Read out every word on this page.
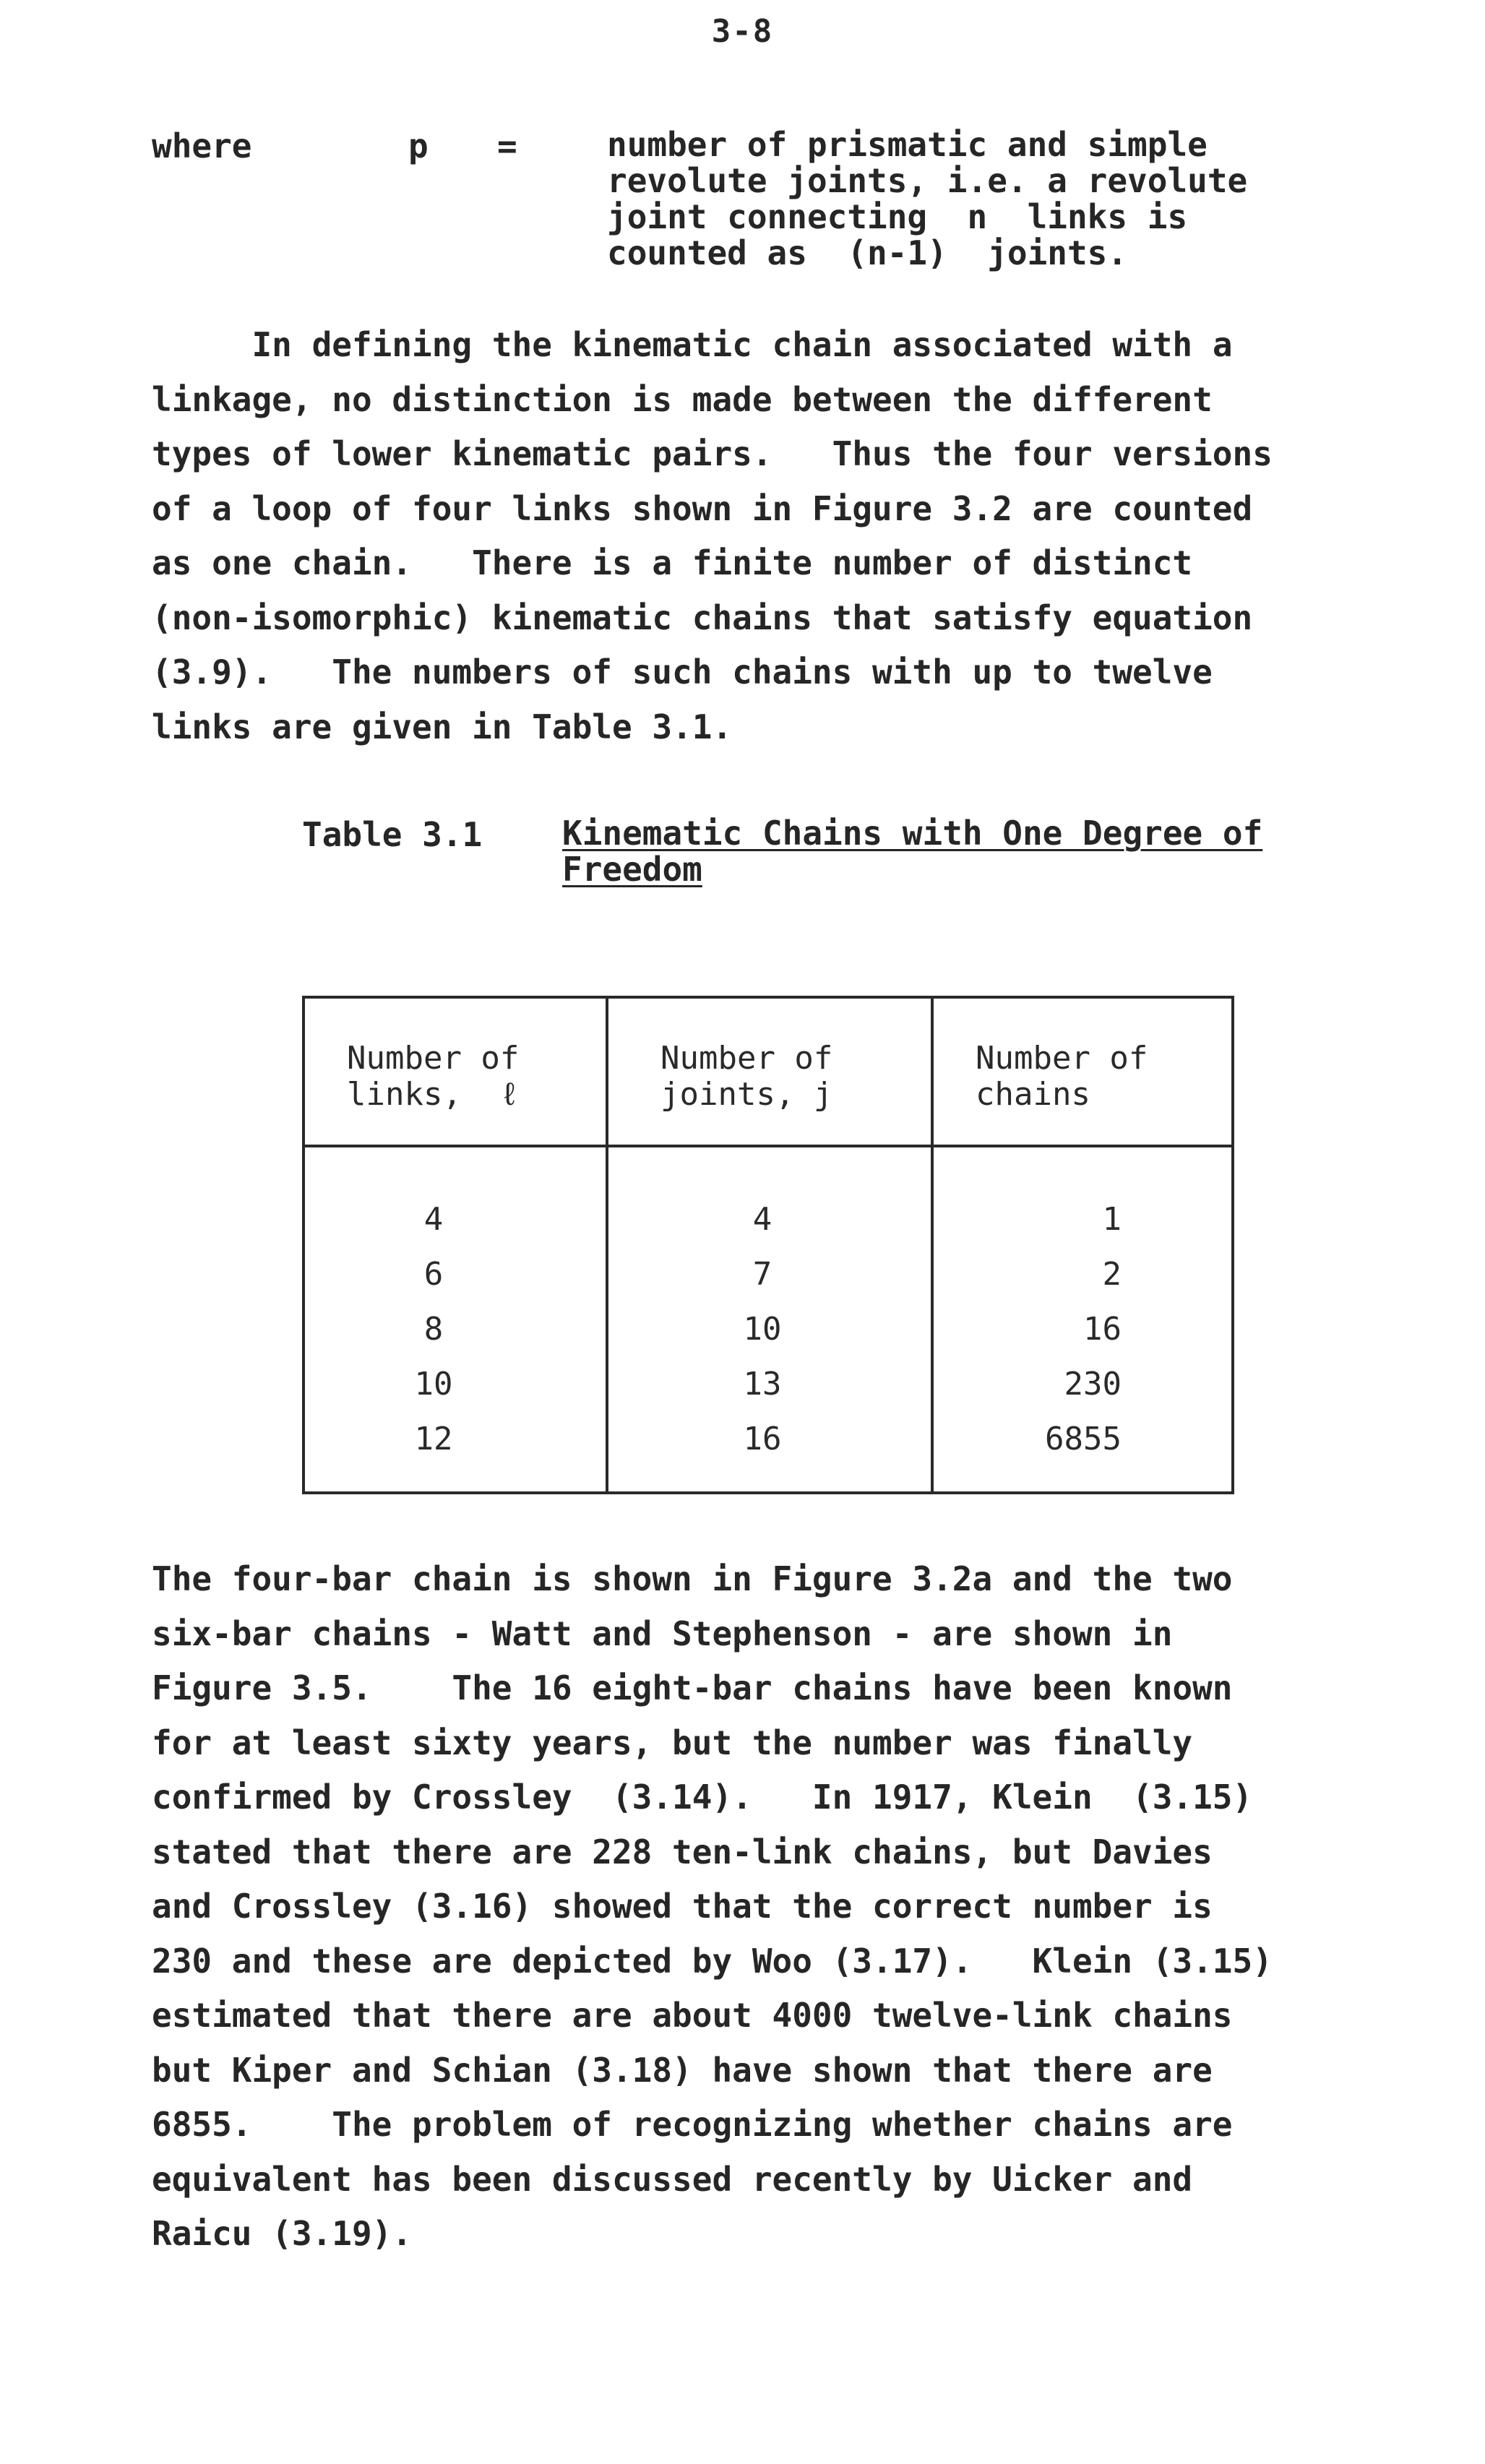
3-8
where	p =	number of prismatic and simple
revolute joints, i.e. a revolute
joint connecting  n  links is
counted as  (n-1)  joints.

In defining the kinematic chain associated with a
linkage, no distinction is made between the different
types of lower kinematic pairs.   Thus the four versions
of a loop of four links shown in Figure 3.2 are counted
as one chain.   There is a finite number of distinct
(non-isomorphic) kinematic chains that satisfy equation
(3.9).   The numbers of such chains with up to twelve
links are given in Table 3.1.

Table 3.1 Kinematic Chains with One Degree of Freedom
Number of
links,  ℓ
Number of
joints, j
Number of
chains
4
6
8
10
12
4
7
10
13
16
1
2
16
230
6855

The four-bar chain is shown in Figure 3.2a and the two
six-bar chains - Watt and Stephenson - are shown in
Figure 3.5.    The 16 eight-bar chains have been known
for at least sixty years, but the number was finally
confirmed by Crossley  (3.14).   In 1917, Klein  (3.15)
stated that there are 228 ten-link chains, but Davies
and Crossley (3.16) showed that the correct number is
230 and these are depicted by Woo (3.17).   Klein (3.15)
estimated that there are about 4000 twelve-link chains
but Kiper and Schian (3.18) have shown that there are
6855.    The problem of recognizing whether chains are
equivalent has been discussed recently by Uicker and
Raicu (3.19).
